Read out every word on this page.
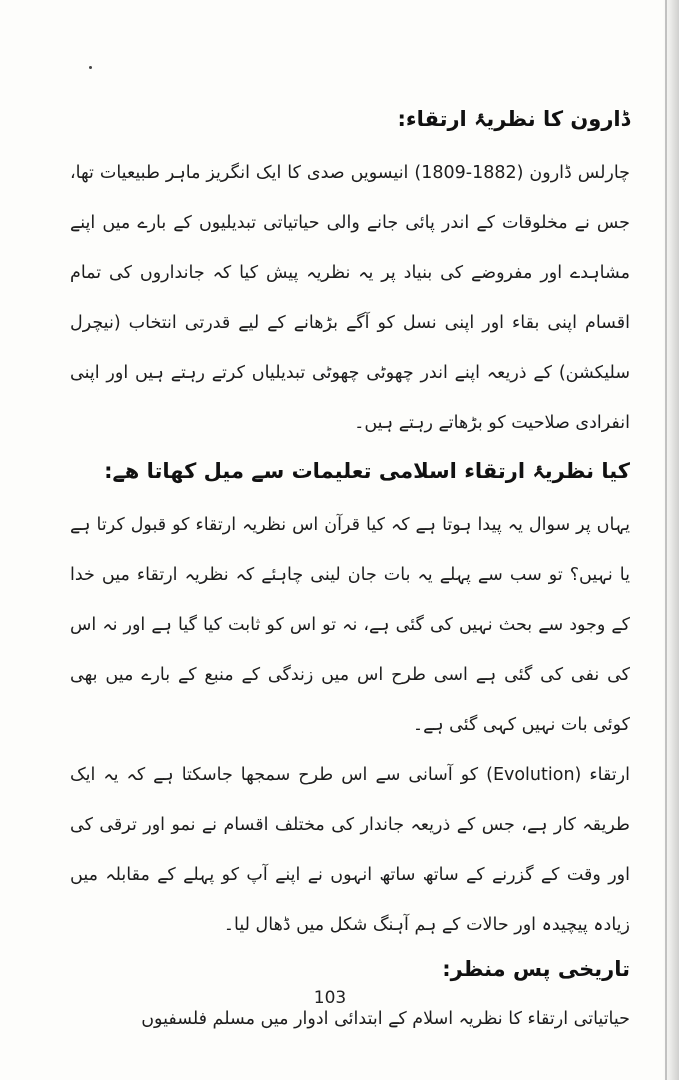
ڈارون کا نظریۂ ارتقاء:

چارلس ڈارون (1882-1809) انیسویں صدی کا ایک انگریز ماہر طبیعیات تھا، جس نے مخلوقات کے اندر پائی جانے والی حیاتیاتی تبدیلیوں کے بارے میں اپنے مشاہدے اور مفروضے کی بنیاد پر یہ نظریہ پیش کیا کہ جانداروں کی تمام اقسام اپنی بقاء اور اپنی نسل کو آگے بڑھانے کے لیے قدرتی انتخاب (نیچرل سلیکشن) کے ذریعہ اپنے اندر چھوٹی چھوٹی تبدیلیاں کرتے رہتے ہیں اور اپنی انفرادی صلاحیت کو بڑھاتے رہتے ہیں۔

کیا نظریۂ ارتقاء اسلامی تعلیمات سے میل کھاتا ھے:

یہاں پر سوال یہ پیدا ہوتا ہے کہ کیا قرآن اس نظریہ ارتقاء کو قبول کرتا ہے یا نہیں؟ تو سب سے پہلے یہ بات جان لینی چاہئے کہ نظریہ ارتقاء میں خدا کے وجود سے بحث نہیں کی گئی ہے، نہ تو اس کو ثابت کیا گیا ہے اور نہ اس کی نفی کی گئی ہے اسی طرح اس میں زندگی کے منبع کے بارے میں بھی کوئی بات نہیں کہی گئی ہے۔

ارتقاء (Evolution) کو آسانی سے اس طرح سمجھا جاسکتا ہے کہ یہ ایک طریقہ کار ہے، جس کے ذریعہ جاندار کی مختلف اقسام نے نمو اور ترقی کی اور وقت کے گزرنے کے ساتھ ساتھ انہوں نے اپنے آپ کو پہلے کے مقابلہ میں زیادہ پیچیدہ اور حالات کے ہم آہنگ شکل میں ڈھال لیا۔

تاریخی پس منظر:

حیاتیاتی ارتقاء کا نظریہ اسلام کے ابتدائی ادوار میں مسلم فلسفیوں

103
